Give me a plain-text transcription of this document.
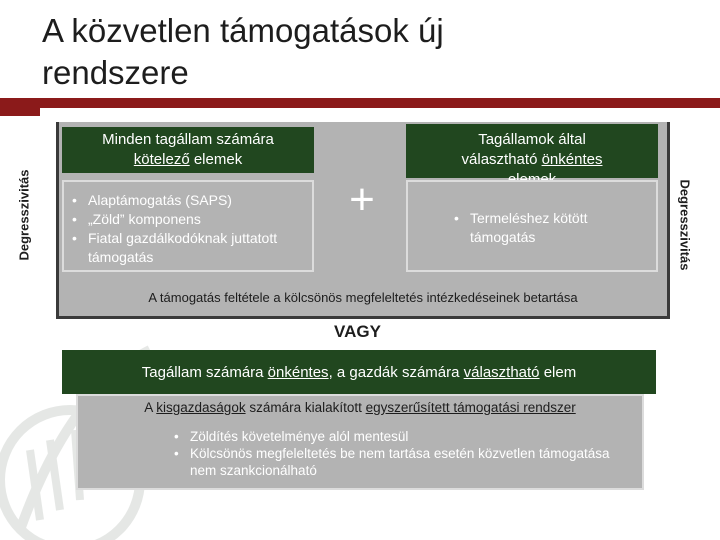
A közvetlen támogatások új
rendszere
Degresszivitás	Degresszivitás
Minden tagállam számára
kötelező elemek
Tagállamok által
választható önkéntes

• Alaptámogatás (SAPS)
• „Zöld” komponens
• Fiatal gazdálkodóknak juttatott támogatás
+
•	Termeléshez kötött támogatás
A támogatás feltétele a kölcsönös megfeleltetés intézkedéseinek betartása
VAGY
Tagállam számára önkéntes, a gazdák számára választható elem
A kisgazdaságok számára kialakított egyszerűsített támogatási rendszer
• Zöldítés követelménye alól mentesül
• Kölcsönös megfeleltetés be nem tartása esetén közvetlen támogatása nem szankcionálható
